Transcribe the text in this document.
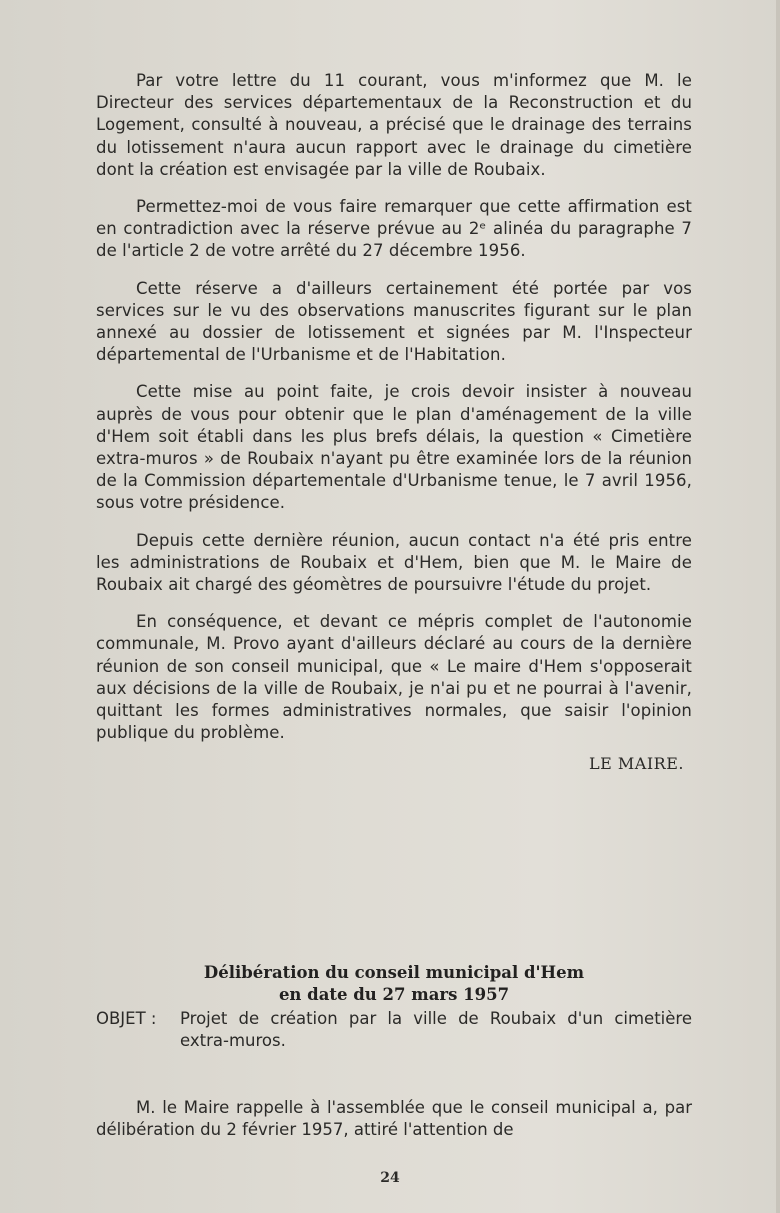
Par votre lettre du 11 courant, vous m'informez que M. le Directeur des services départementaux de la Reconstruction et du Logement, consulté à nouveau, a précisé que le drainage des terrains du lotissement n'aura aucun rapport avec le drainage du cimetière dont la création est envisagée par la ville de Roubaix.

Permettez-moi de vous faire remarquer que cette affirmation est en contradiction avec la réserve prévue au 2ᵉ alinéa du paragraphe 7 de l'article 2 de votre arrêté du 27 décembre 1956.

Cette réserve a d'ailleurs certainement été portée par vos services sur le vu des observations manuscrites figurant sur le plan annexé au dossier de lotissement et signées par M. l'Inspecteur départemental de l'Urbanisme et de l'Habitation.

Cette mise au point faite, je crois devoir insister à nouveau auprès de vous pour obtenir que le plan d'aménagement de la ville d'Hem soit établi dans les plus brefs délais, la question « Cimetière extra-muros » de Roubaix n'ayant pu être examinée lors de la réunion de la Commission départementale d'Urbanisme tenue, le 7 avril 1956, sous votre présidence.

Depuis cette dernière réunion, aucun contact n'a été pris entre les administrations de Roubaix et d'Hem, bien que M. le Maire de Roubaix ait chargé des géomètres de poursuivre l'étude du projet.

En conséquence, et devant ce mépris complet de l'autonomie communale, M. Provo ayant d'ailleurs déclaré au cours de la dernière réunion de son conseil municipal, que « Le maire d'Hem s'opposerait aux décisions de la ville de Roubaix, je n'ai pu et ne pourrai à l'avenir, quittant les formes administratives normales, que saisir l'opinion publique du problème.

LE MAIRE.

Délibération du conseil municipal d'Hem
en date du 27 mars 1957
OBJET :	Projet de création par la ville de Roubaix d'un cimetière extra-muros.

M. le Maire rappelle à l'assemblée que le conseil municipal a, par délibération du 2 février 1957, attiré l'attention de

24
